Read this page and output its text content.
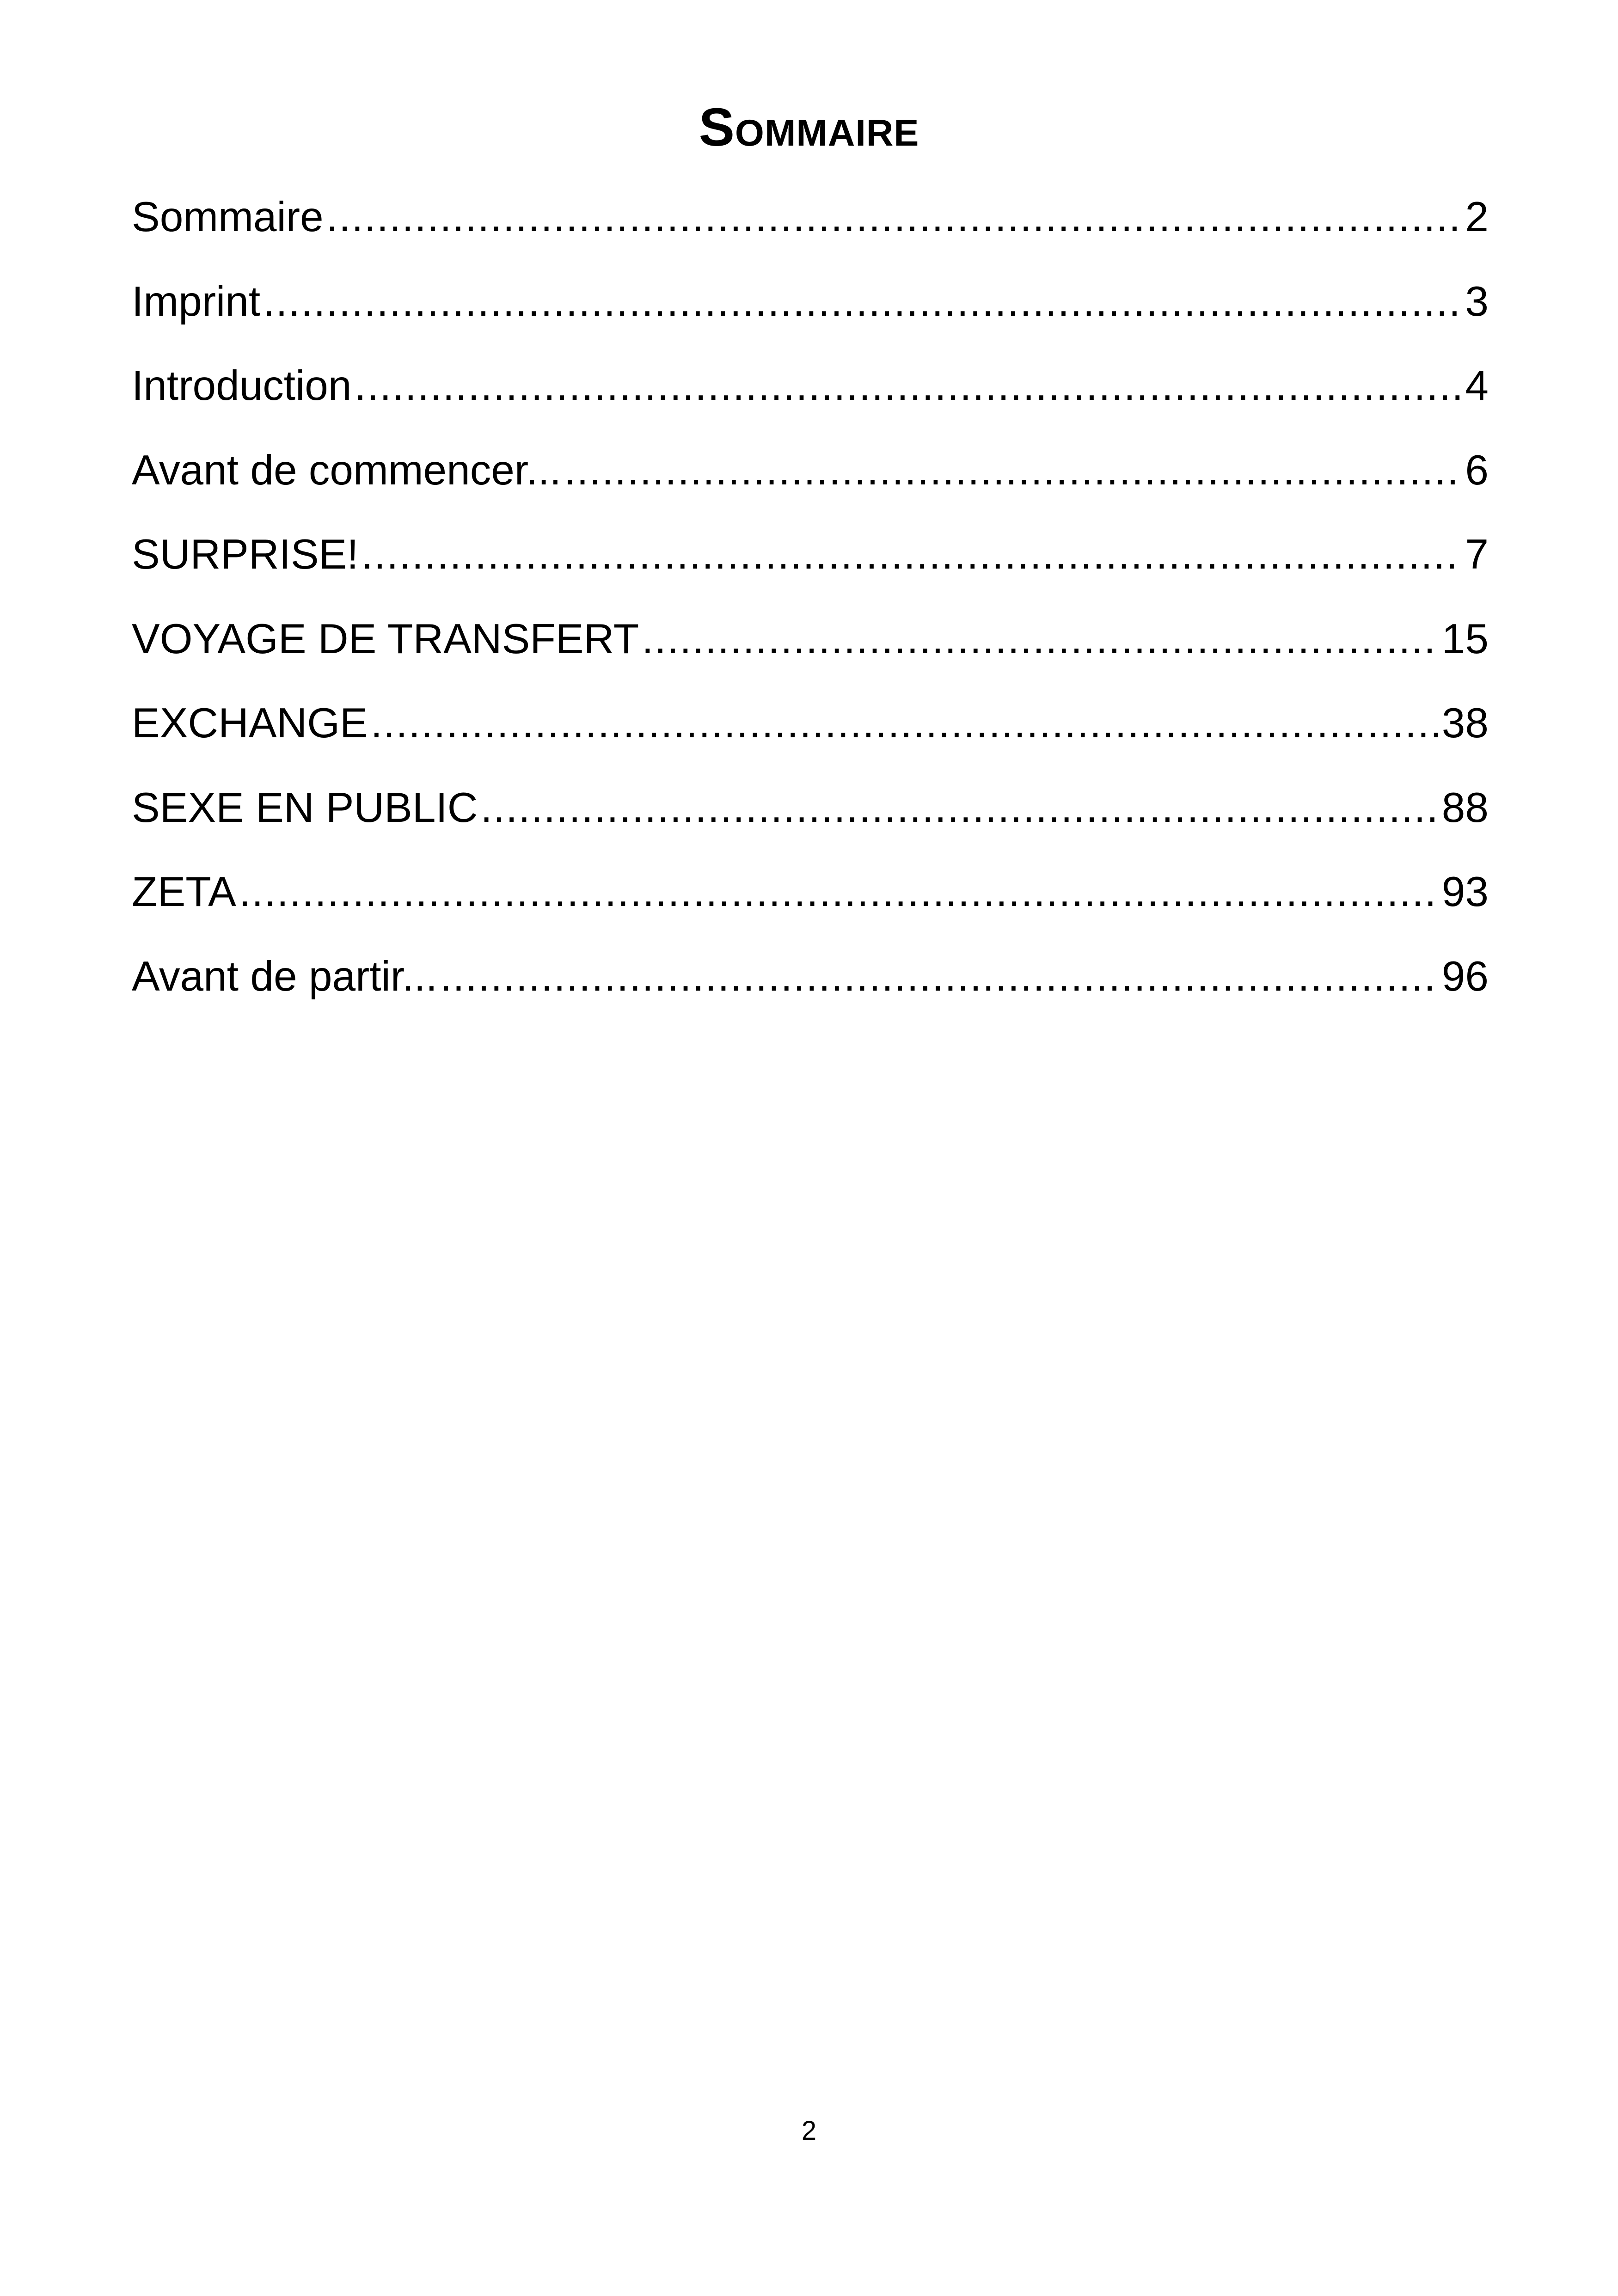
Sommaire
Sommaire .....	2
Imprint .....	3
Introduction .....	4
Avant de commencer... .....	6
SURPRISE! .....	7
VOYAGE DE TRANSFERT .....	15
EXCHANGE .....	38
SEXE EN PUBLIC .....	88
ZETA .....	93
Avant de partir... .....	96
2
